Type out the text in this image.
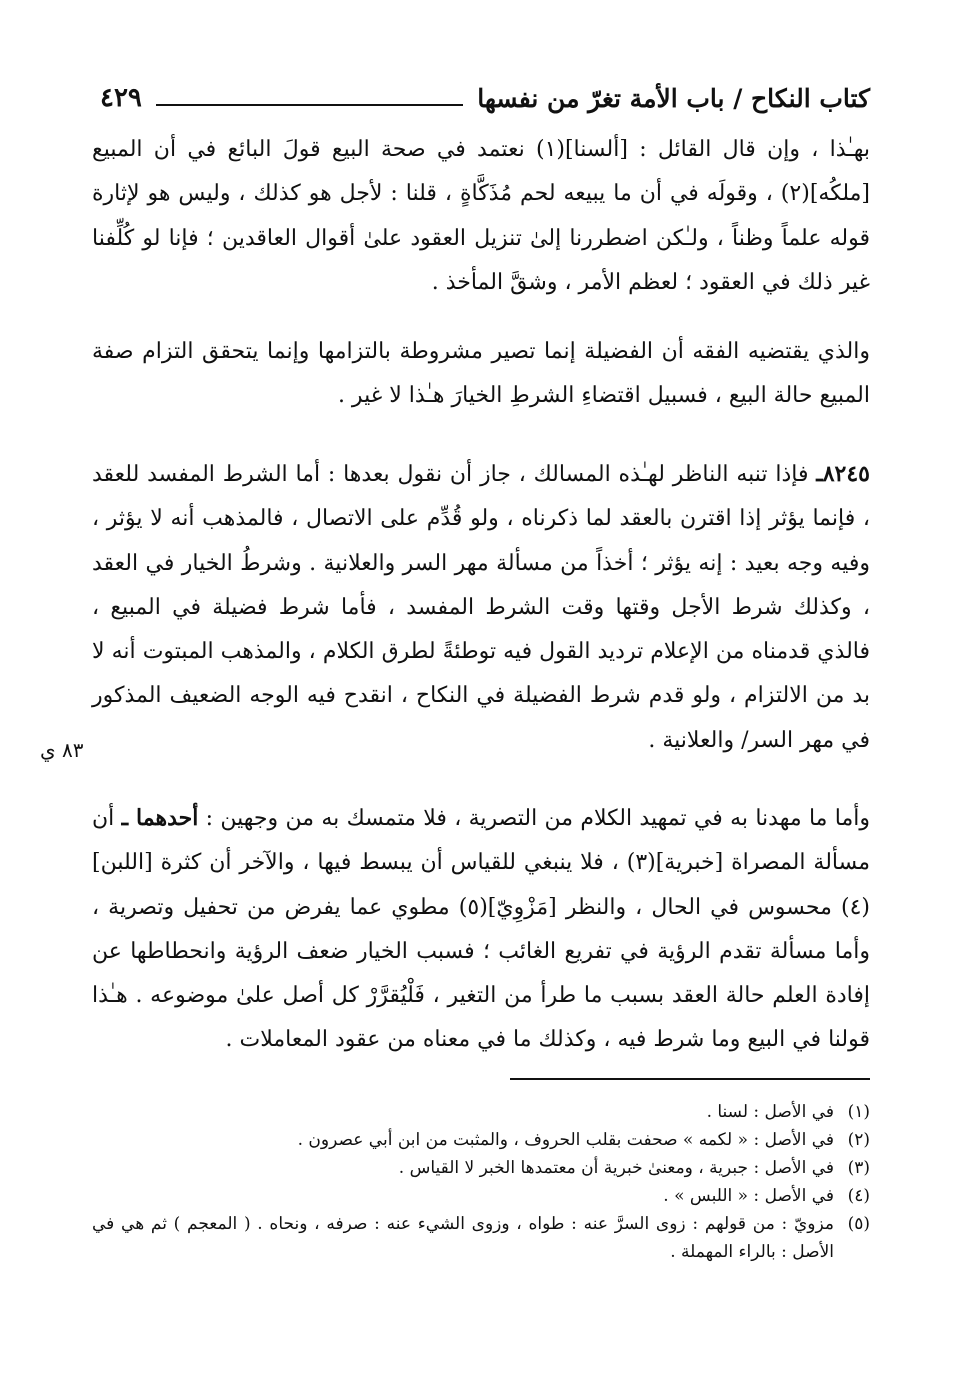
كتاب النكاح / باب الأمة تغرّ من نفسها
٤٢٩

بهـٰذا ، وإن قال القائل : [ألسنا](١) نعتمد في صحة البيع قولَ البائع في أن المبيع [ملكُه](٢) ، وقولَه في أن ما يبيعه لحم مُذَكَّاةٍ ، قلنا : لأجل هو كذلك ، وليس هو لإثارة قوله علماً وظناً ، ولـٰكن اضطررنا إلىٰ تنزيل العقود علىٰ أقوال العاقدين ؛ فإنا لو كُلِّفنا غير ذلك في العقود ؛ لعظم الأمر ، وشقَّ المأخذ .

والذي يقتضيه الفقه أن الفضيلة إنما تصير مشروطة بالتزامها وإنما يتحقق التزام صفة المبيع حالة البيع ، فسبيل اقتضاءِ الشرطِ الخيارَ هـٰذا لا غير .

٨٢٤٥ـ فإذا تنبه الناظر لهـٰذه المسالك ، جاز أن نقول بعدها : أما الشرط المفسد للعقد ، فإنما يؤثر إذا اقترن بالعقد لما ذكرناه ، ولو قُدِّم على الاتصال ، فالمذهب أنه لا يؤثر ، وفيه وجه بعيد : إنه يؤثر ؛ أخذاً من مسألة مهر السر والعلانية . وشرطُ الخيار في العقد ، وكذلك شرط الأجل وقتها وقت الشرط المفسد ، فأما شرط فضيلة في المبيع ، فالذي قدمناه من الإعلام ترديد القول فيه توطئةً لطرق الكلام ، والمذهب المبتوت أنه لا بد من الالتزام ، ولو قدم شرط الفضيلة في النكاح ، انقدح فيه الوجه الضعيف المذكور في مهر السر/ والعلانية .

٨٣ ي

وأما ما مهدنا به في تمهيد الكلام من التصرية ، فلا متمسك به من وجهين : أحدهما ـ أن مسألة المصراة [خبرية](٣) ، فلا ينبغي للقياس أن يبسط فيها ، والآخر أن كثرة [اللبن](٤) محسوس في الحال ، والنظر [مَزْوِيّ](٥) مطوي عما يفرض من تحفيل وتصرية ، وأما مسألة تقدم الرؤية في تفريع الغائب ؛ فسبب الخيار ضعف الرؤية وانحطاطها عن إفادة العلم حالة العقد بسبب ما طرأ من التغير ، فَلْيُقرَّرْ كل أصل علىٰ موضوعه . هـٰذا قولنا في البيع وما شرط فيه ، وكذلك ما في معناه من عقود المعاملات .

(١)
في الأصل : لسنا .
(٢)
في الأصل : « لكمه » صحفت بقلب الحروف ، والمثبت من ابن أبي عصرون .
(٣)
في الأصل : جبرية ، ومعنىٰ خبرية أن معتمدها الخبر لا القياس .
(٤)
في الأصل : « اللبس » .
(٥)
مزويّ : من قولهم : زوى السرَّ عنه : طواه ، وزوى الشيء عنه : صرفه ، ونحاه . ( المعجم ) ثم هي في الأصل : بالراء المهملة .
